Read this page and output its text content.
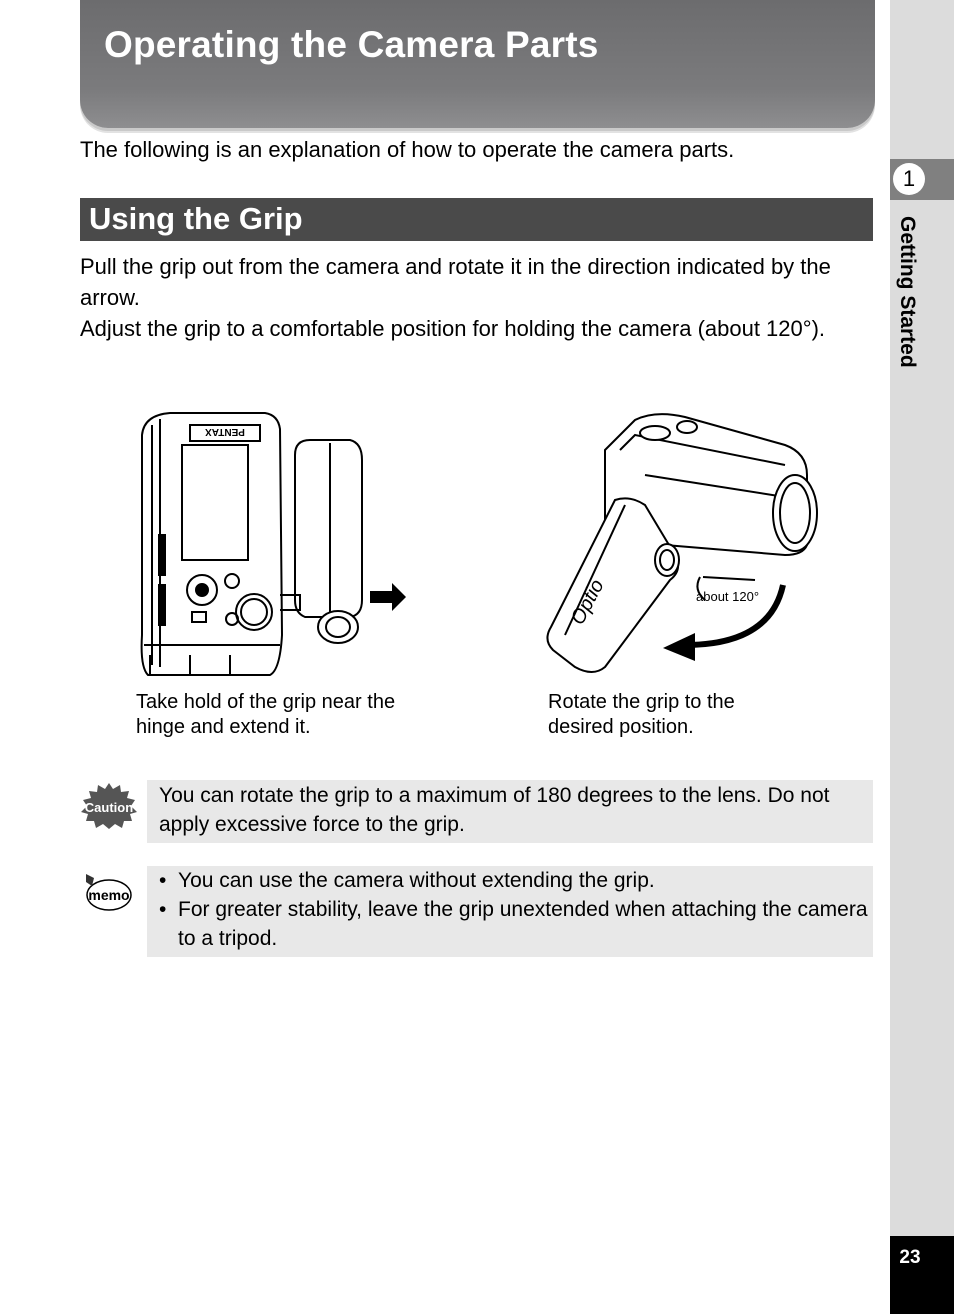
Operating the Camera Parts
The following is an explanation of how to operate the camera parts.
Using the Grip

Pull the grip out from the camera and rotate it in the direction indicated by the arrow.

Adjust the grip to a comfortable position for holding the camera (about 120°).

PENTAX
Take hold of the grip near the
hinge and extend it.
Optio	about 120°
Rotate the grip to the
desired position.
Caution
You can rotate the grip to a maximum of 180 degrees to the lens. Do not apply excessive force to the grip.
memo
• You can use the camera without extending the grip.
• For greater stability, leave the grip unextended when attaching the camera to a tripod.
1
Getting Started
23
